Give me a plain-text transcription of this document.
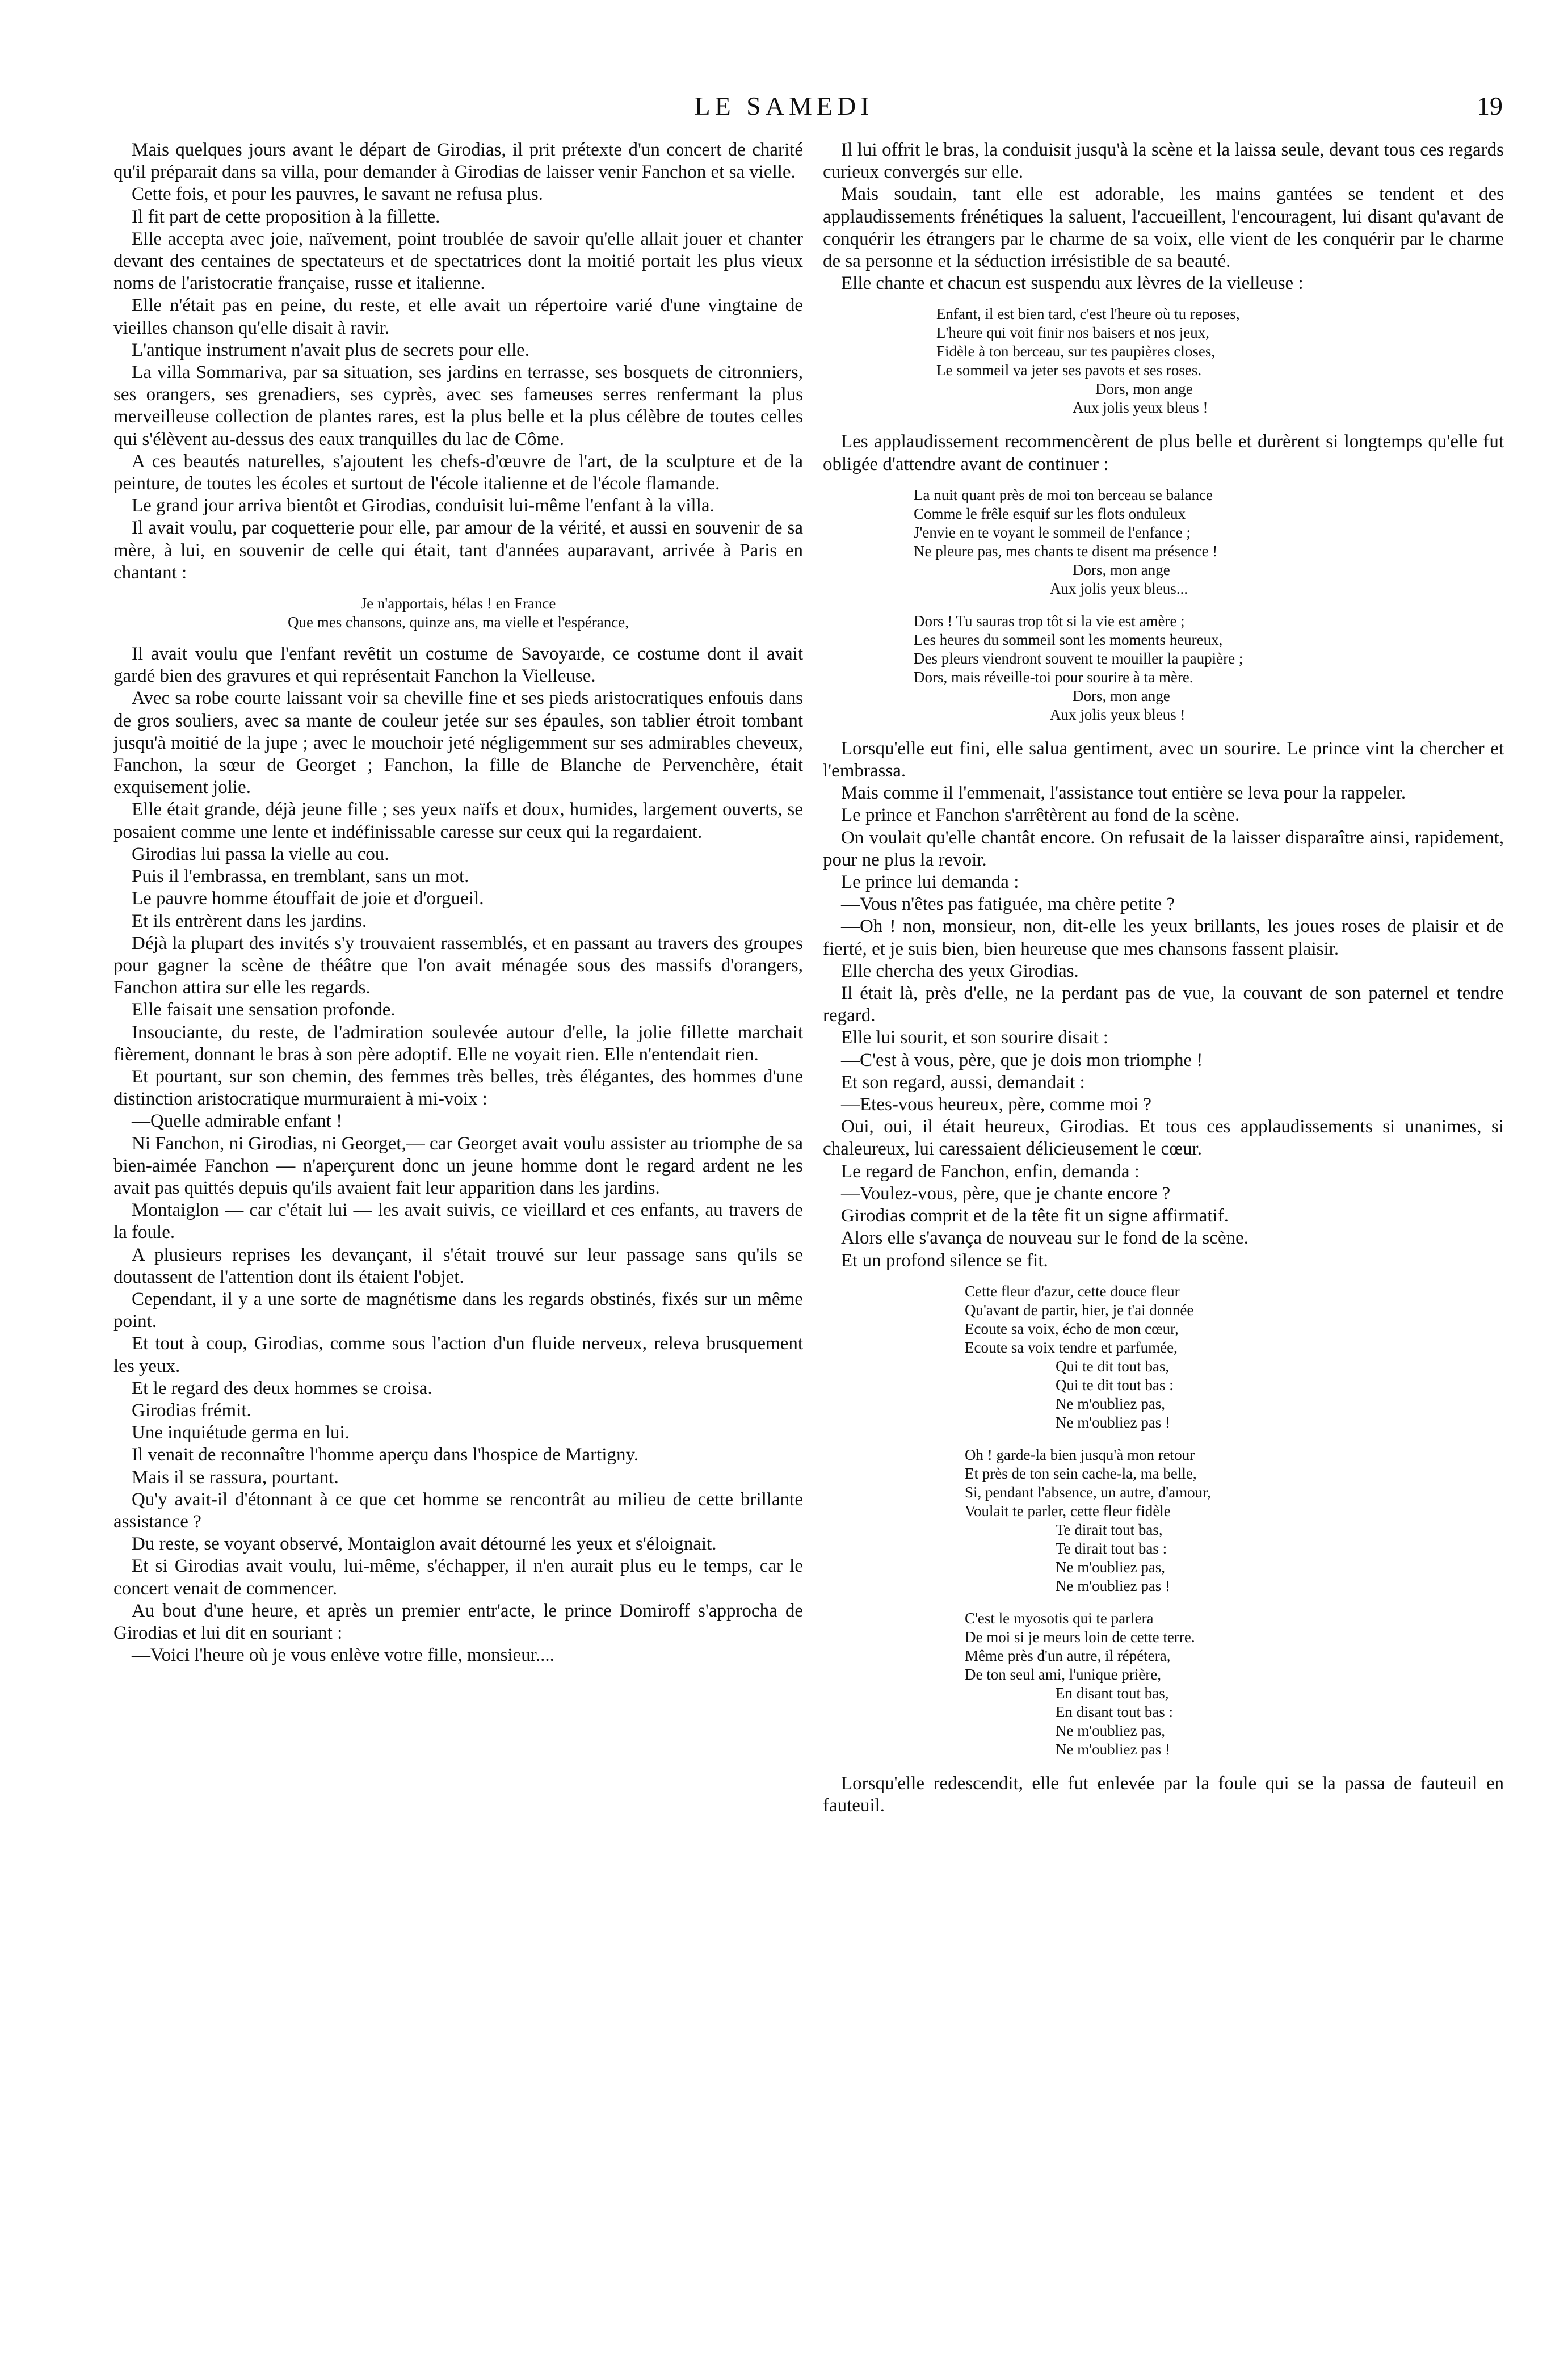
LE SAMEDI	19

Mais quelques jours avant le départ de Girodias, il prit prétexte d'un concert de charité qu'il préparait dans sa villa, pour demander à Girodias de laisser venir Fanchon et sa vielle.

Cette fois, et pour les pauvres, le savant ne refusa plus.

Il fit part de cette proposition à la fillette.

Elle accepta avec joie, naïvement, point troublée de savoir qu'elle allait jouer et chanter devant des centaines de spectateurs et de spectatrices dont la moitié portait les plus vieux noms de l'aristocratie française, russe et italienne.

Elle n'était pas en peine, du reste, et elle avait un répertoire varié d'une vingtaine de vieilles chanson qu'elle disait à ravir.

L'antique instrument n'avait plus de secrets pour elle.

La villa Sommariva, par sa situation, ses jardins en terrasse, ses bosquets de citronniers, ses orangers, ses grenadiers, ses cyprès, avec ses fameuses serres renfermant la plus merveilleuse collection de plantes rares, est la plus belle et la plus célèbre de toutes celles qui s'élèvent au-dessus des eaux tranquilles du lac de Côme.

A ces beautés naturelles, s'ajoutent les chefs-d'œuvre de l'art, de la sculpture et de la peinture, de toutes les écoles et surtout de l'école italienne et de l'école flamande.

Le grand jour arriva bientôt et Girodias, conduisit lui-même l'enfant à la villa.

Il avait voulu, par coquetterie pour elle, par amour de la vérité, et aussi en souvenir de sa mère, à lui, en souvenir de celle qui était, tant d'années auparavant, arrivée à Paris en chantant :

Je n'apportais, hélas ! en France
Que mes chansons, quinze ans, ma vielle et l'espérance,

Il avait voulu que l'enfant revêtit un costume de Savoyarde, ce costume dont il avait gardé bien des gravures et qui représentait Fanchon la Vielleuse.

Avec sa robe courte laissant voir sa cheville fine et ses pieds aristocratiques enfouis dans de gros souliers, avec sa mante de couleur jetée sur ses épaules, son tablier étroit tombant jusqu'à moitié de la jupe ; avec le mouchoir jeté négligemment sur ses admirables cheveux, Fanchon, la sœur de Georget ; Fanchon, la fille de Blanche de Pervenchère, était exquisement jolie.

Elle était grande, déjà jeune fille ; ses yeux naïfs et doux, humides, largement ouverts, se posaient comme une lente et indéfinissable caresse sur ceux qui la regardaient.

Girodias lui passa la vielle au cou.

Puis il l'embrassa, en tremblant, sans un mot.

Le pauvre homme étouffait de joie et d'orgueil.

Et ils entrèrent dans les jardins.

Déjà la plupart des invités s'y trouvaient rassemblés, et en passant au travers des groupes pour gagner la scène de théâtre que l'on avait ménagée sous des massifs d'orangers, Fanchon attira sur elle les regards.

Elle faisait une sensation profonde.

Insouciante, du reste, de l'admiration soulevée autour d'elle, la jolie fillette marchait fièrement, donnant le bras à son père adoptif. Elle ne voyait rien. Elle n'entendait rien.

Et pourtant, sur son chemin, des femmes très belles, très élégantes, des hommes d'une distinction aristocratique murmuraient à mi-voix :

—Quelle admirable enfant !

Ni Fanchon, ni Girodias, ni Georget,— car Georget avait voulu assister au triomphe de sa bien-aimée Fanchon — n'aperçurent donc un jeune homme dont le regard ardent ne les avait pas quittés depuis qu'ils avaient fait leur apparition dans les jardins.

Montaiglon — car c'était lui — les avait suivis, ce vieillard et ces enfants, au travers de la foule.

A plusieurs reprises les devançant, il s'était trouvé sur leur passage sans qu'ils se doutassent de l'attention dont ils étaient l'objet.

Cependant, il y a une sorte de magnétisme dans les regards obstinés, fixés sur un même point.

Et tout à coup, Girodias, comme sous l'action d'un fluide nerveux, releva brusquement les yeux.

Et le regard des deux hommes se croisa.

Girodias frémit.

Une inquiétude germa en lui.

Il venait de reconnaître l'homme aperçu dans l'hospice de Martigny.

Mais il se rassura, pourtant.

Qu'y avait-il d'étonnant à ce que cet homme se rencontrât au milieu de cette brillante assistance ?

Du reste, se voyant observé, Montaiglon avait détourné les yeux et s'éloignait.

Et si Girodias avait voulu, lui-même, s'échapper, il n'en aurait plus eu le temps, car le concert venait de commencer.

Au bout d'une heure, et après un premier entr'acte, le prince Domiroff s'approcha de Girodias et lui dit en souriant :

—Voici l'heure où je vous enlève votre fille, monsieur....

Il lui offrit le bras, la conduisit jusqu'à la scène et la laissa seule, devant tous ces regards curieux convergés sur elle.

Mais soudain, tant elle est adorable, les mains gantées se tendent et des applaudissements frénétiques la saluent, l'accueillent, l'encouragent, lui disant qu'avant de conquérir les étrangers par le charme de sa voix, elle vient de les conquérir par le charme de sa personne et la séduction irrésistible de sa beauté.

Elle chante et chacun est suspendu aux lèvres de la vielleuse :

Enfant, il est bien tard, c'est l'heure où tu reposes,
L'heure qui voit finir nos baisers et nos jeux,
Fidèle à ton berceau, sur tes paupières closes,
Le sommeil va jeter ses pavots et ses roses.
Dors, mon ange
Aux jolis yeux bleus !

Les applaudissement recommencèrent de plus belle et durèrent si longtemps qu'elle fut obligée d'attendre avant de continuer :

La nuit quant près de moi ton berceau se balance
Comme le frêle esquif sur les flots onduleux
J'envie en te voyant le sommeil de l'enfance ;
Ne pleure pas, mes chants te disent ma présence !
Dors, mon ange
Aux jolis yeux bleus...
Dors ! Tu sauras trop tôt si la vie est amère ;
Les heures du sommeil sont les moments heureux,
Des pleurs viendront souvent te mouiller la paupière ;
Dors, mais réveille-toi pour sourire à ta mère.
Dors, mon ange
Aux jolis yeux bleus !

Lorsqu'elle eut fini, elle salua gentiment, avec un sourire. Le prince vint la chercher et l'embrassa.

Mais comme il l'emmenait, l'assistance tout entière se leva pour la rappeler.

Le prince et Fanchon s'arrêtèrent au fond de la scène.

On voulait qu'elle chantât encore. On refusait de la laisser disparaître ainsi, rapidement, pour ne plus la revoir.

Le prince lui demanda :

—Vous n'êtes pas fatiguée, ma chère petite ?

—Oh ! non, monsieur, non, dit-elle les yeux brillants, les joues roses de plaisir et de fierté, et je suis bien, bien heureuse que mes chansons fassent plaisir.

Elle chercha des yeux Girodias.

Il était là, près d'elle, ne la perdant pas de vue, la couvant de son paternel et tendre regard.

Elle lui sourit, et son sourire disait :

—C'est à vous, père, que je dois mon triomphe !

Et son regard, aussi, demandait :

—Etes-vous heureux, père, comme moi ?

Oui, oui, il était heureux, Girodias. Et tous ces applaudissements si unanimes, si chaleureux, lui caressaient délicieusement le cœur.

Le regard de Fanchon, enfin, demanda :

—Voulez-vous, père, que je chante encore ?

Girodias comprit et de la tête fit un signe affirmatif.

Alors elle s'avança de nouveau sur le fond de la scène.

Et un profond silence se fit.

Cette fleur d'azur, cette douce fleur
Qu'avant de partir, hier, je t'ai donnée
Ecoute sa voix, écho de mon cœur,
Ecoute sa voix tendre et parfumée,
Qui te dit tout bas,
Qui te dit tout bas :
Ne m'oubliez pas,
Ne m'oubliez pas !
Oh ! garde-la bien jusqu'à mon retour
Et près de ton sein cache-la, ma belle,
Si, pendant l'absence, un autre, d'amour,
Voulait te parler, cette fleur fidèle
Te dirait tout bas,
Te dirait tout bas :
Ne m'oubliez pas,
Ne m'oubliez pas !
C'est le myosotis qui te parlera
De moi si je meurs loin de cette terre.
Même près d'un autre, il répétera,
De ton seul ami, l'unique prière,
En disant tout bas,
En disant tout bas :
Ne m'oubliez pas,
Ne m'oubliez pas !

Lorsqu'elle redescendit, elle fut enlevée par la foule qui se la passa de fauteuil en fauteuil.
